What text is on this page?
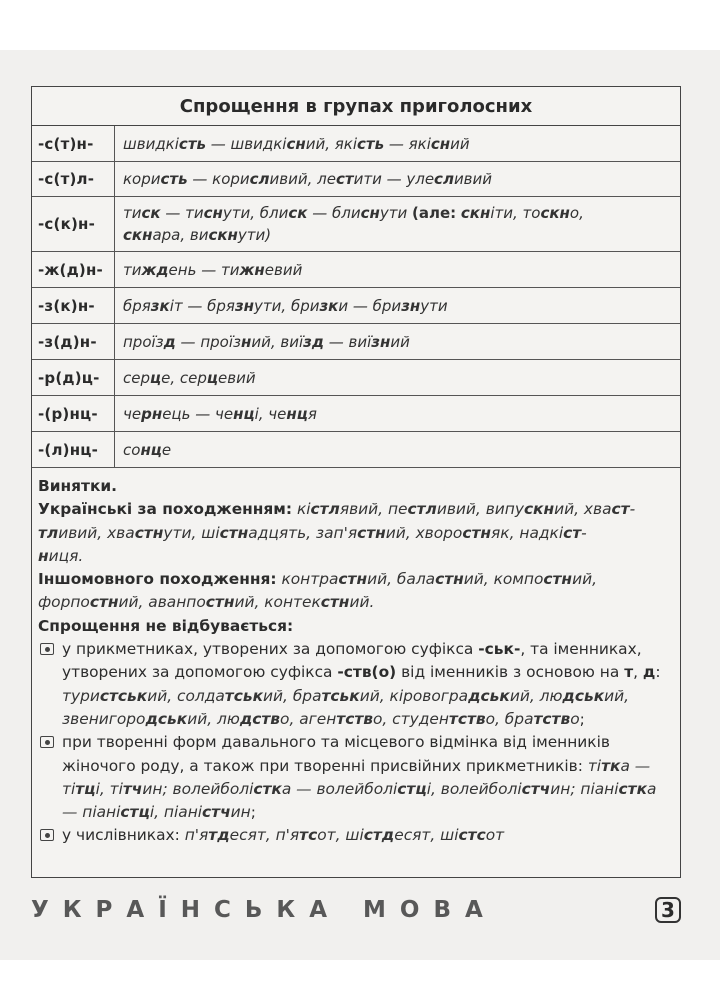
Спрощення в групах приголосних
-с(т)н-	швидкість — швидкісний, якість — якісний
-с(т)л-	користь — корисливий, лестити — улесливий
-с(к)н-	тиск — тиснути, блиск — блиснути (але: скніти, тоскно,
скнара, вискнути)
-ж(д)н-	тиждень — тижневий
-з(к)н-	брязкіт — брязнути, бризки — бризнути
-з(д)н-	проїзд — проїзний, виїзд — виїзний
-р(д)ц-	серце, серцевий
-(р)нц-	чернець — ченці, ченця
-(л)нц-	сонце
Винятки.
Українські за походженням: кістлявий, пестливий, випускний, хваст-
тливий, хвастнути, шістнадцять, зап'ястний, хворостняк, надкіст-
ниця.
Іншомовного походження: контрастний, баластний, компостний,
форпостний, аванпостний, контекстний.
Спрощення не відбувається:
у прикметниках, утворених за допомогою суфікса -ськ-, та іменниках, утворених за допомогою суфікса -ств(о) від іменників з основою на т, д: туристський, солдатський, братський, кіровоградський, людський, звенигородський, людство, агентство, студентство, братство;
при творенні форм давального та місцевого відмінка від іменників жіночого роду, а також при творенні присвійних прикметників: тітка — тітці, тітчин; волейболістка — волейболістці, волейболістчин; піаністка — піаністці, піаністчин;
у числівниках: п'ятдесят, п'ятсот, шістдесят, шістсот
УКРАЇНСЬКА МОВА	3
